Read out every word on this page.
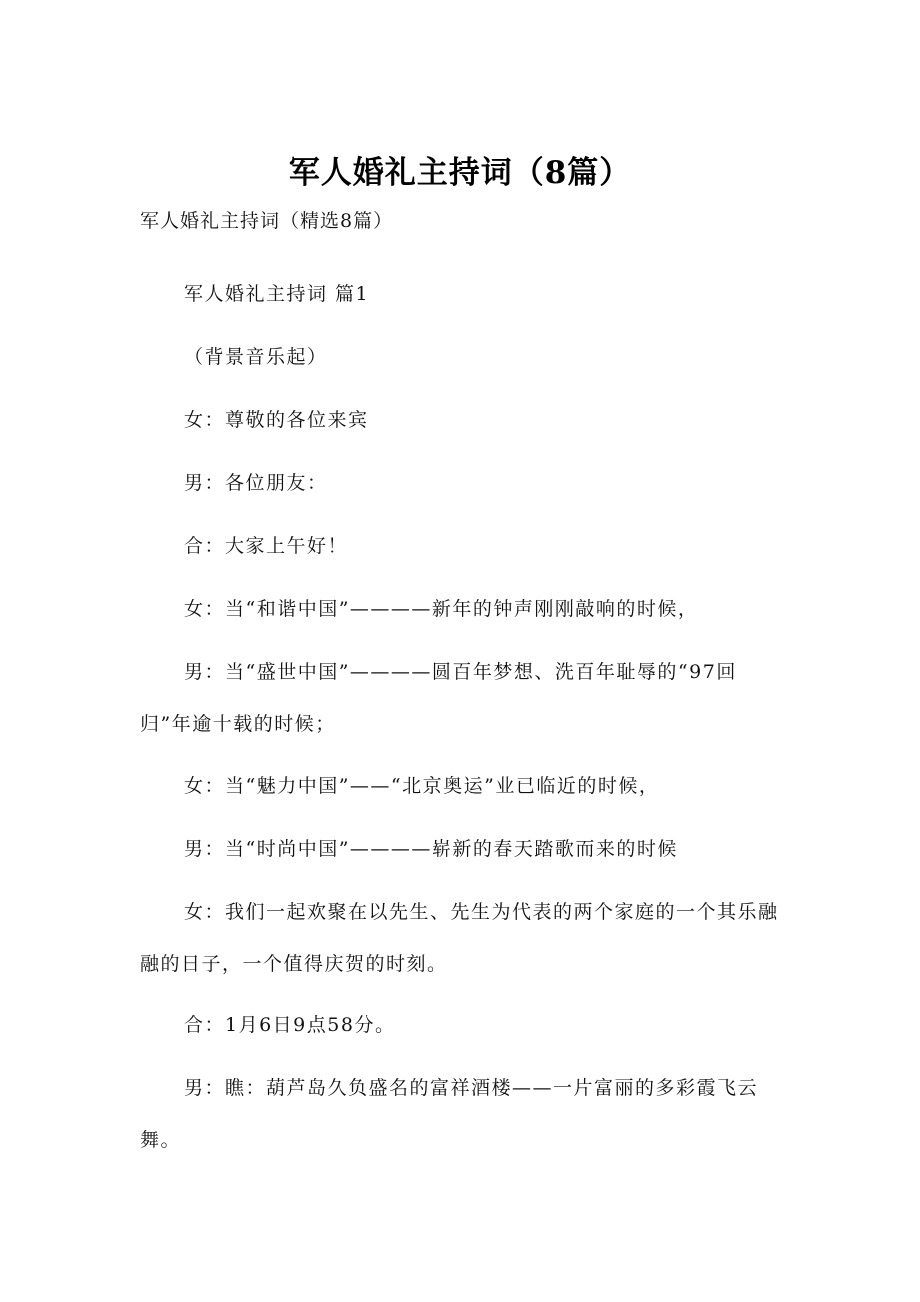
军人婚礼主持词（8篇）
军人婚礼主持词（精选8篇）
军人婚礼主持词 篇1
（背景音乐起）
女：尊敬的各位来宾
男：各位朋友：
合：大家上午好！
女：当“和谐中国”————新年的钟声刚刚敲响的时候，
男：当“盛世中国”————圆百年梦想、洗百年耻辱的“97回归”年逾十载的时候；
女：当“魅力中国”——“北京奥运”业已临近的时候，
男：当“时尚中国”————崭新的春天踏歌而来的时候
女：我们一起欢聚在以先生、先生为代表的两个家庭的一个其乐融融的日子，一个值得庆贺的时刻。
合：1月6日9点58分。
男：瞧：葫芦岛久负盛名的富祥酒楼——一片富丽的多彩霞飞云舞。
